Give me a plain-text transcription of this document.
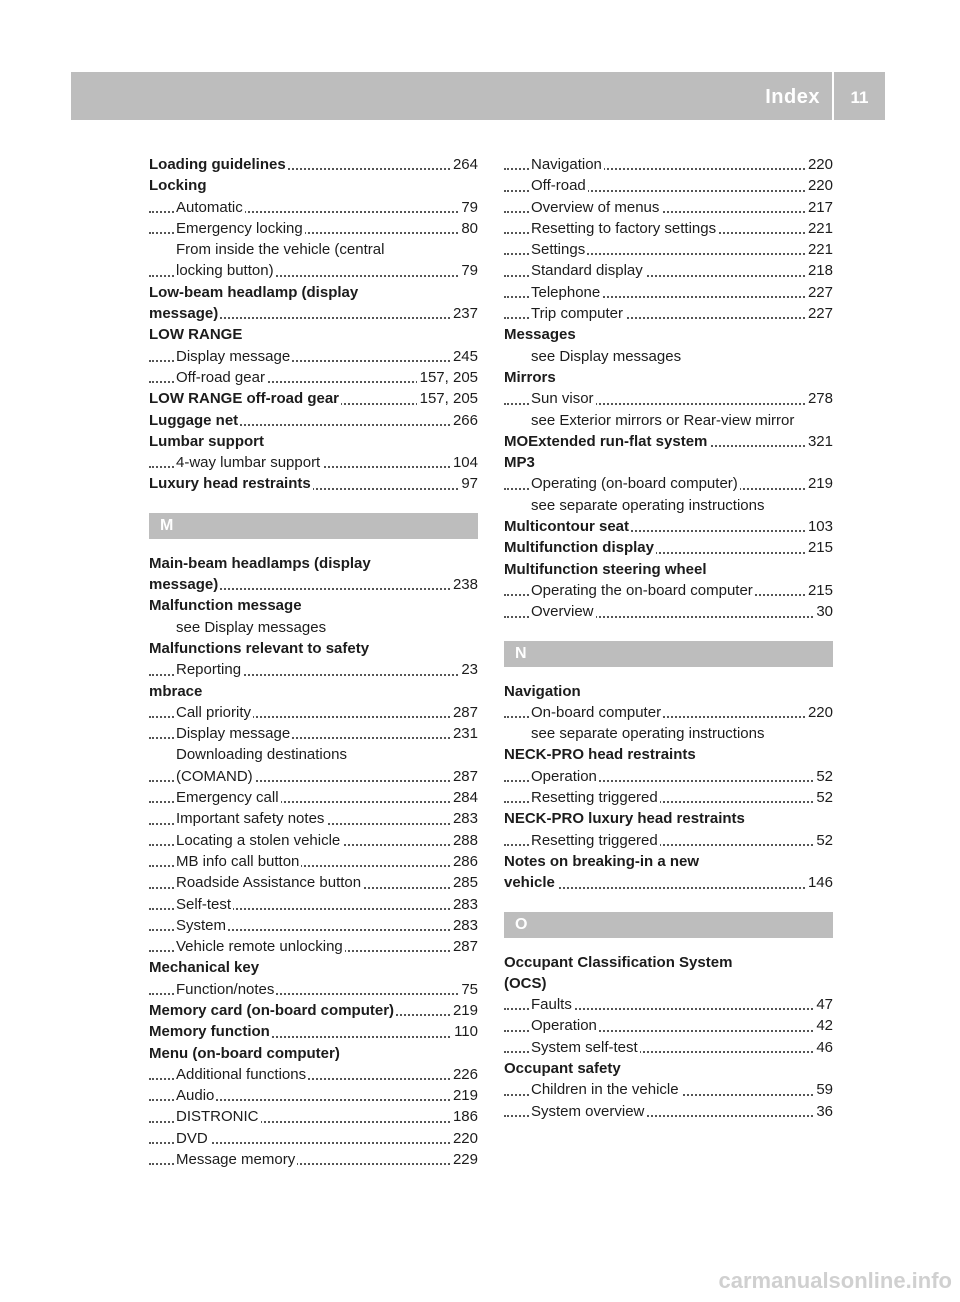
Index	11
Loading guidelines	264
Locking
Automatic	79
Emergency locking	80
From inside the vehicle (central
locking button)	79
Low-beam headlamp (display
message)	237
LOW RANGE
Display message	245
Off-road gear	157, 205
LOW RANGE off-road gear	157, 205
Luggage net	266
Lumbar support
4-way lumbar support	104
Luxury head restraints	97
M
Main-beam headlamps (display
message)	238
Malfunction message
see Display messages
Malfunctions relevant to safety
Reporting	23
mbrace
Call priority	287
Display message	231
Downloading destinations
(COMAND)	287
Emergency call	284
Important safety notes	283
Locating a stolen vehicle	288
MB info call button	286
Roadside Assistance button	285
Self-test	283
System	283
Vehicle remote unlocking	287
Mechanical key
Function/notes	75
Memory card (on-board computer)	219
Memory function	110
Menu (on-board computer)
Additional functions	226
Audio	219
DISTRONIC	186
DVD	220
Message memory	229
Navigation	220
Off-road	220
Overview of menus	217
Resetting to factory settings	221
Settings	221
Standard display	218
Telephone	227
Trip computer	227
Messages
see Display messages
Mirrors
Sun visor	278
see Exterior mirrors or Rear-view mirror
MOExtended run-flat system	321
MP3
Operating (on-board computer)	219
see separate operating instructions
Multicontour seat	103
Multifunction display	215
Multifunction steering wheel
Operating the on-board computer	215
Overview	30
N
Navigation
On-board computer	220
see separate operating instructions
NECK-PRO head restraints
Operation	52
Resetting triggered	52
NECK-PRO luxury head restraints
Resetting triggered	52
Notes on breaking-in a new
vehicle	146
O
Occupant Classification System
(OCS)
Faults	47
Operation	42
System self-test	46
Occupant safety
Children in the vehicle	59
System overview	36
carmanualsonline.info
